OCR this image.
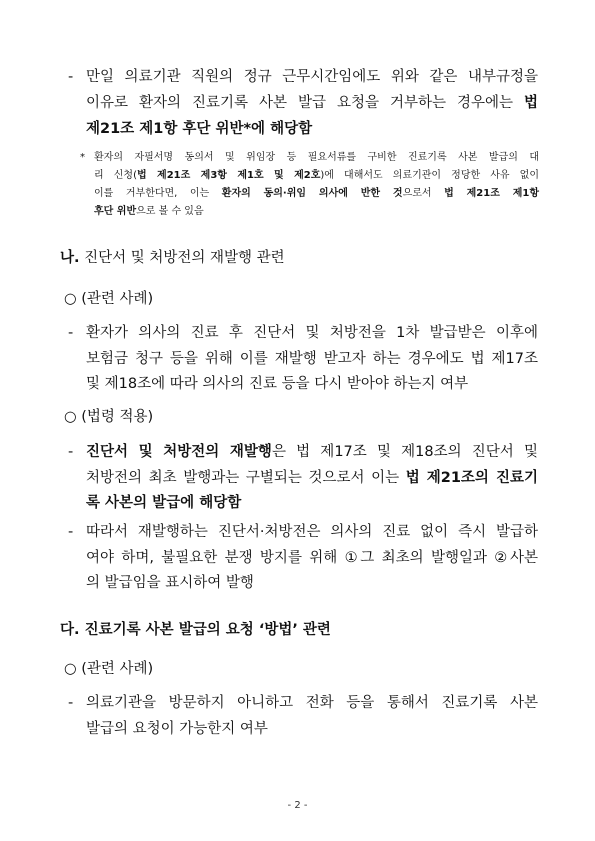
- 만일 의료기관 직원의 정규 근무시간임에도 위와 같은 내부규정을
이유로 환자의 진료기록 사본 발급 요청을 거부하는 경우에는 법
제21조 제1항 후단 위반*에 해당함
* 환자의 자필서명 동의서 및 위임장 등 필요서류를 구비한 진료기록 사본 발급의 대
리 신청(법 제21조 제3항 제1호 및 제2호)에 대해서도 의료기관이 정당한 사유 없이
이를 거부한다면, 이는 환자의 동의·위임 의사에 반한 것으로서 법 제21조 제1항
후단 위반으로 볼 수 있음
나. 진단서 및 처방전의 재발행 관련
○ (관련 사례)
- 환자가 의사의 진료 후 진단서 및 처방전을 1차 발급받은 이후에
보험금 청구 등을 위해 이를 재발행 받고자 하는 경우에도 법 제17조
및 제18조에 따라 의사의 진료 등을 다시 받아야 하는지 여부
○ (법령 적용)
- 진단서 및 처방전의 재발행은 법 제17조 및 제18조의 진단서 및
처방전의 최초 발행과는 구별되는 것으로서 이는 법 제21조의 진료기
록 사본의 발급에 해당함
- 따라서 재발행하는 진단서·처방전은 의사의 진료 없이 즉시 발급하
여야 하며, 불필요한 분쟁 방지를 위해 ①그 최초의 발행일과 ②사본
의 발급임을 표시하여 발행
다. 진료기록 사본 발급의 요청 ‘방법’ 관련
○ (관련 사례)
- 의료기관을 방문하지 아니하고 전화 등을 통해서 진료기록 사본
발급의 요청이 가능한지 여부
- 2 -
